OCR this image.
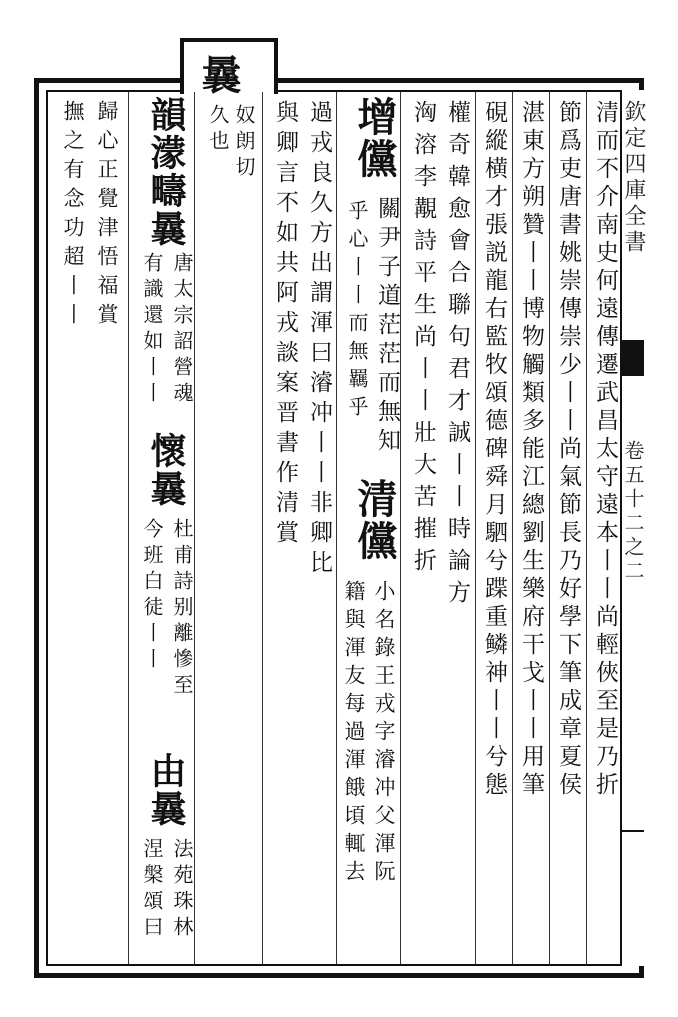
欽定四庫全書
卷五十二之二
曩
奴朗切
久也	清而不介南史何遠傳遷武昌太守遠本丨丨尚輕俠至是乃折
節爲吏唐書姚崇傳崇少丨丨尚氣節長乃好學下筆成章夏侯
湛東方朔贊丨丨博物觸類多能江總劉生樂府干戈丨丨用筆
硯縱横才張説龍右監牧頌德碑舜月駟兮蹀重鳞神丨丨兮態
權奇韓愈會合聯句君才誠丨丨時論方
洶溶李覯詩平生尚丨丨壯大苦摧折
增儻
關尹子道茫茫而無知
清儻
小名錄王戎字濬冲父渾阮
乎心丨丨而無羈乎
籍與渾友每過渾餓頃輒去
過戎良久方出謂渾曰濬冲丨丨非卿比
與卿言不如共阿戎談案晋書作清賞
韻濛疇曩
唐太宗詔營魂
懷曩
杜甫詩别離慘至
由曩
法苑珠林
有識還如丨丨
今班白徒丨丨
涅槃頌曰
歸心正覺津悟福賞
撫之有念功超丨丨
